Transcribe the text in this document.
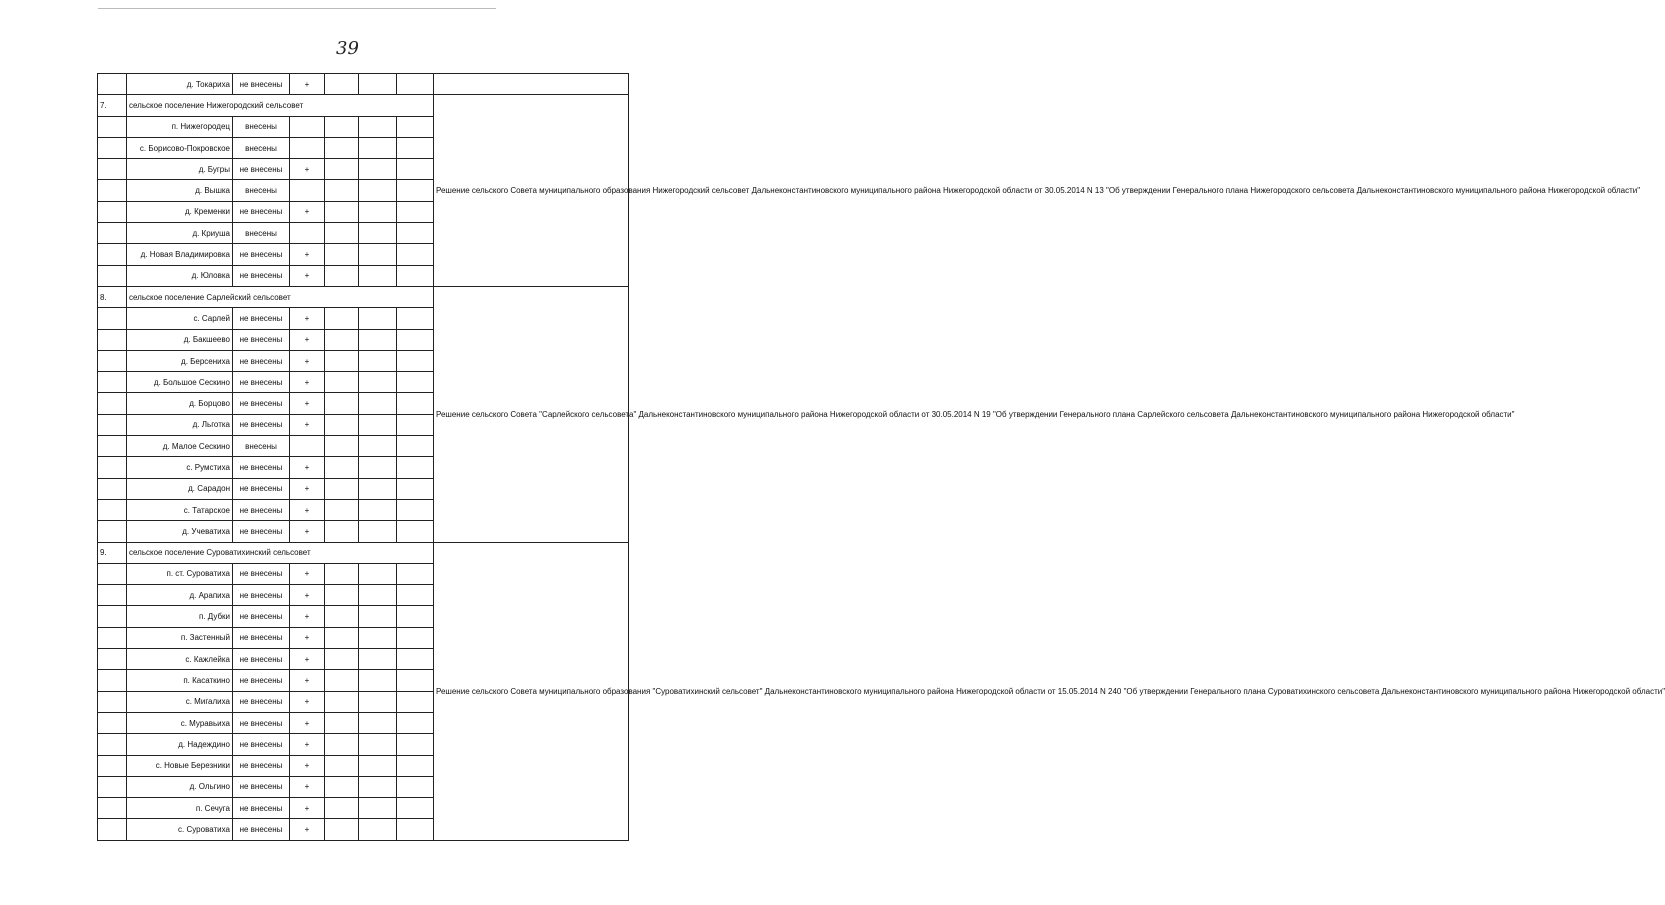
39
	д. Токариха	не внесены	+				
7.	сельское поселение Нижегородский сельсовет						Решение сельского Совета муниципального образования Нижегородский сельсовет Дальнеконстантиновского муниципального района Нижегородской области от 30.05.2014 N 13 "Об утверждении Генерального плана Нижегородского сельсовета Дальнеконстантиновского муниципального района Нижегородской области"
	п. Нижегородец	внесены					
	с. Борисово-Покровское	внесены					
	д. Бугры	не внесены	+				
	д. Вышка	внесены					
	д. Кременки	не внесены	+				
	д. Криуша	внесены					
	д. Новая Владимировка	не внесены	+				
	д. Юловка	не внесены	+				
8.	сельское поселение Сарлейский сельсовет						Решение сельского Совета "Сарлейского сельсовета" Дальнеконстантиновского муниципального района Нижегородской области от 30.05.2014 N 19 "Об утверждении Генерального плана Сарлейского сельсовета Дальнеконстантиновского муниципального района Нижегородской области"
	с. Сарлей	не внесены	+				
	д. Бакшеево	не внесены	+				
	д. Берсениха	не внесены	+				
	д. Большое Сескино	не внесены	+				
	д. Борцово	не внесены	+				
	д. Льготка	не внесены	+				
	д. Малое Сескино	внесены					
	с. Румстиха	не внесены	+				
	д. Сарадон	не внесены	+				
	с. Татарское	не внесены	+				
	д. Учеватиха	не внесены	+				
9.	сельское поселение Суроватихинский сельсовет						Решение сельского Совета муниципального образования "Суроватихинский сельсовет" Дальнеконстантиновского муниципального района Нижегородской области от 15.05.2014 N 240 "Об утверждении Генерального плана Суроватихинского сельсовета Дальнеконстантиновского муниципального района Нижегородской области"
	п. ст. Суроватиха	не внесены	+				
	д. Арапиха	не внесены	+				
	п. Дубки	не внесены	+				
	п. Застенный	не внесены	+				
	с. Кажлейка	не внесены	+				
	п. Касаткино	не внесены	+				
	с. Мигалиха	не внесены	+				
	с. Муравьиха	не внесены	+				
	д. Надеждино	не внесены	+				
	с. Новые Березники	не внесены	+				
	д. Ольгино	не внесены	+				
	п. Сечуга	не внесены	+				
	с. Суроватиха	не внесены	+				
